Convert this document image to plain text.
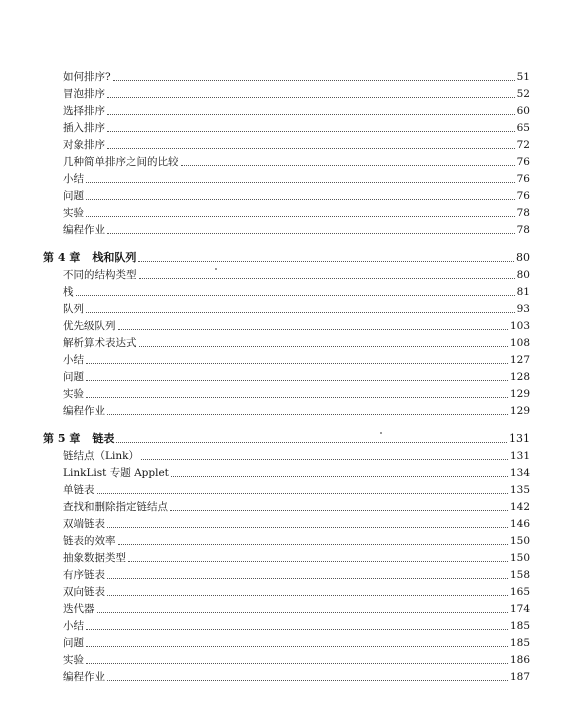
如何排序?	51
冒泡排序	52
选择排序	60
插入排序	65
对象排序	72
几种简单排序之间的比较	76
小结	76
问题	76
实验	78
编程作业	78
第 4 章 栈和队列	80
不同的结构类型	80
栈	81
队列	93
优先级队列	103
解析算术表达式	108
小结	127
问题	128
实验	129
编程作业	129
第 5 章 链表	131
链结点（Link）	131
LinkList 专题 Applet	134
单链表	135
查找和删除指定链结点	142
双端链表	146
链表的效率	150
抽象数据类型	150
有序链表	158
双向链表	165
迭代器	174
小结	185
问题	185
实验	186
编程作业	187
